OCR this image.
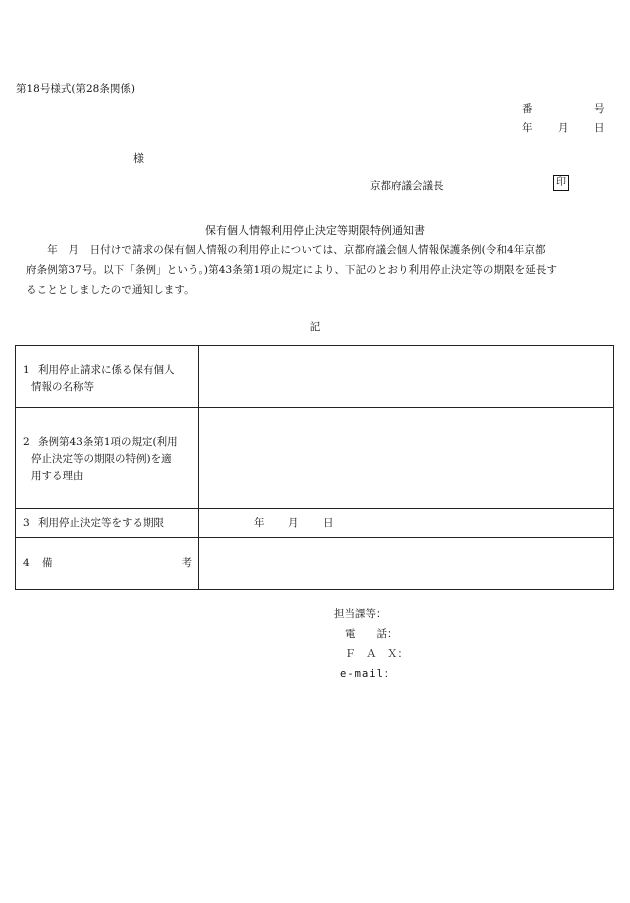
第18号様式(第28条関係)
番	号
年 月 日
様
京都府議会議長	印
保有個人情報利用停止決定等期限特例通知書
　　年　月　日付けで請求の保有個人情報の利用停止については、京都府議会個人情報保護条例(令和4年京都
府条例第37号。以下「条例」という。)第43条第1項の規定により、下記のとおり利用停止決定等の期限を延長す
ることとしましたので通知します。
記
1 利用停止請求に係る保有個人
情報の名称等	

2 条例第43条第1項の規定(利用
停止決定等の期限の特例)を適
用する理由	

3 利用停止決定等をする期限	年 月 日

4 備 考	

担当課等：
電　　話：
Ｆ　Ａ　Ｘ：
e-mail：
